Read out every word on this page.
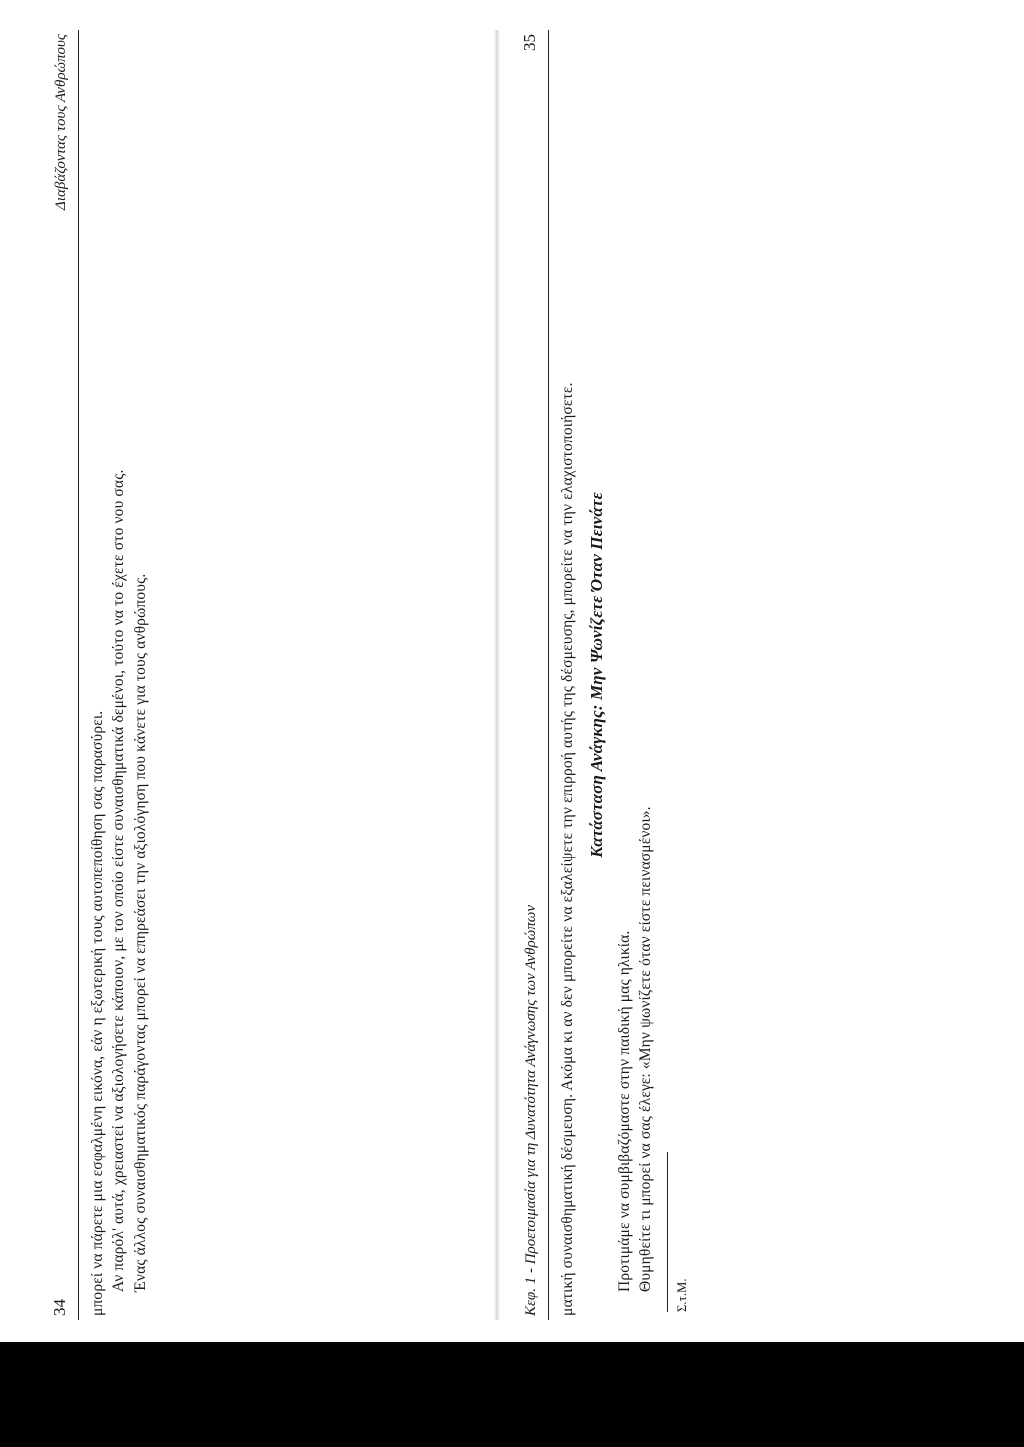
34
Διαβάζοντας τους Ανθρώπους

μπορεί να πάρετε μια εσφαλμένη εικόνα, εάν η εξωτερική τους αυτοπεποίθηση σας παρασύρει. Αν παρόλ' αυτά, χρειαστεί να αξιολογήσετε κάποιον, με τον οποίο είστε συναισθηματικά δεμένοι, τούτο να το έχετε στο νου σας. Ένας άλλος συναισθηματικός παράγοντας μπορεί να επηρεάσει την αξιολόγηση που κάνετε για τους ανθρώπους.	Κεφ. 1 - Προετοιμασία για τη Δυνατότητα Ανάγνωσης των Ανθρώπων
35

ματική συναισθηματική δέσμευση. Ακόμα κι αν δεν μπορείτε να εξαλείψετε την επιρροή αυτής της δέσμευσης, μπορείτε να την ελαχιστοποιήσετε. Κατάσταση Ανάγκης: Μην Ψωνίζετε Όταν Πεινάτε

Προτιμάμε να συμβιβαζόμαστε στην παιδική μας ηλικία. Θυμηθείτε τι μπορεί να σας έλεγε: «Μην ψωνίζετε όταν είστε πεινασμένοι».

Σ.τ.Μ.
